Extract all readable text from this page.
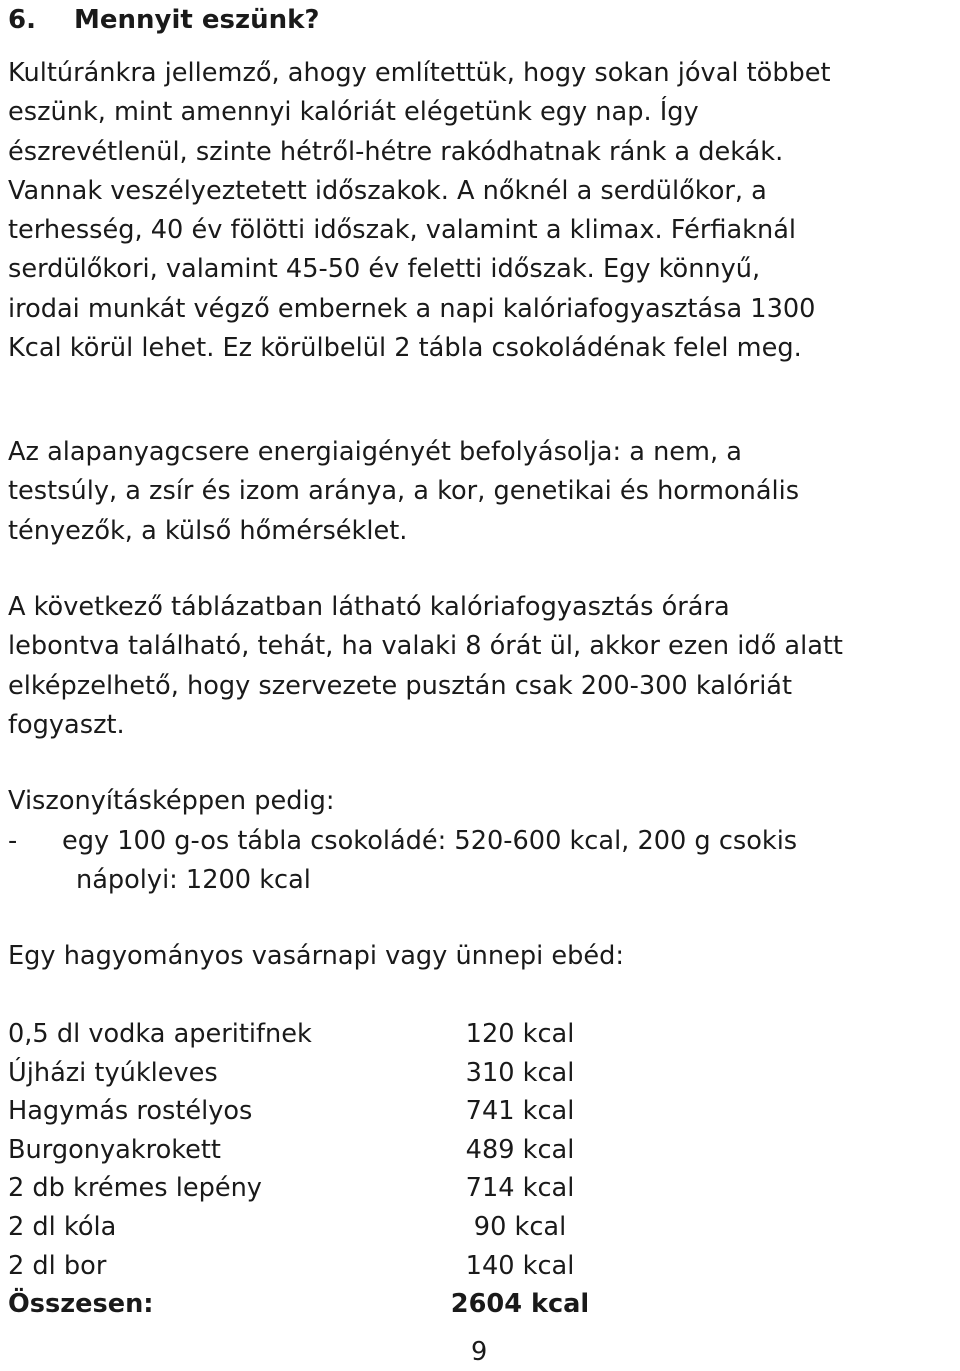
6. Mennyit eszünk?
Kultúránkra jellemző, ahogy említettük, hogy sokan jóval többet
eszünk, mint amennyi kalóriát elégetünk egy nap. Így
észrevétlenül, szinte hétről-hétre rakódhatnak ránk a dekák.
Vannak veszélyeztetett időszakok. A nőknél a serdülőkor, a
terhesség, 40 év fölötti időszak, valamint a klimax. Férfiaknál
serdülőkori, valamint 45-50 év feletti időszak. Egy könnyű,
irodai munkát végző embernek a napi kalóriafogyasztása 1300
Kcal körül lehet. Ez körülbelül 2 tábla csokoládénak felel meg.
Az alapanyagcsere energiaigényét befolyásolja: a nem, a
testsúly, a zsír és izom aránya, a kor, genetikai és hormonális
tényezők, a külső hőmérséklet.
A következő táblázatban látható kalóriafogyasztás órára
lebontva található, tehát, ha valaki 8 órát ül, akkor ezen idő alatt
elképzelhető, hogy szervezete pusztán csak 200-300 kalóriát
fogyaszt.
Viszonyításképpen pedig:
- egy 100 g-os tábla csokoládé: 520-600 kcal, 200 g csokis
nápolyi: 1200 kcal
Egy hagyományos vasárnapi vagy ünnepi ebéd:
0,5 dl vodka aperitifnek	120 kcal
Újházi tyúkleves	310 kcal
Hagymás rostélyos	741 kcal
Burgonyakrokett	489 kcal
2 db krémes lepény	714 kcal
2 dl kóla	90 kcal
2 dl bor	140 kcal
Összesen:	2604 kcal
9
